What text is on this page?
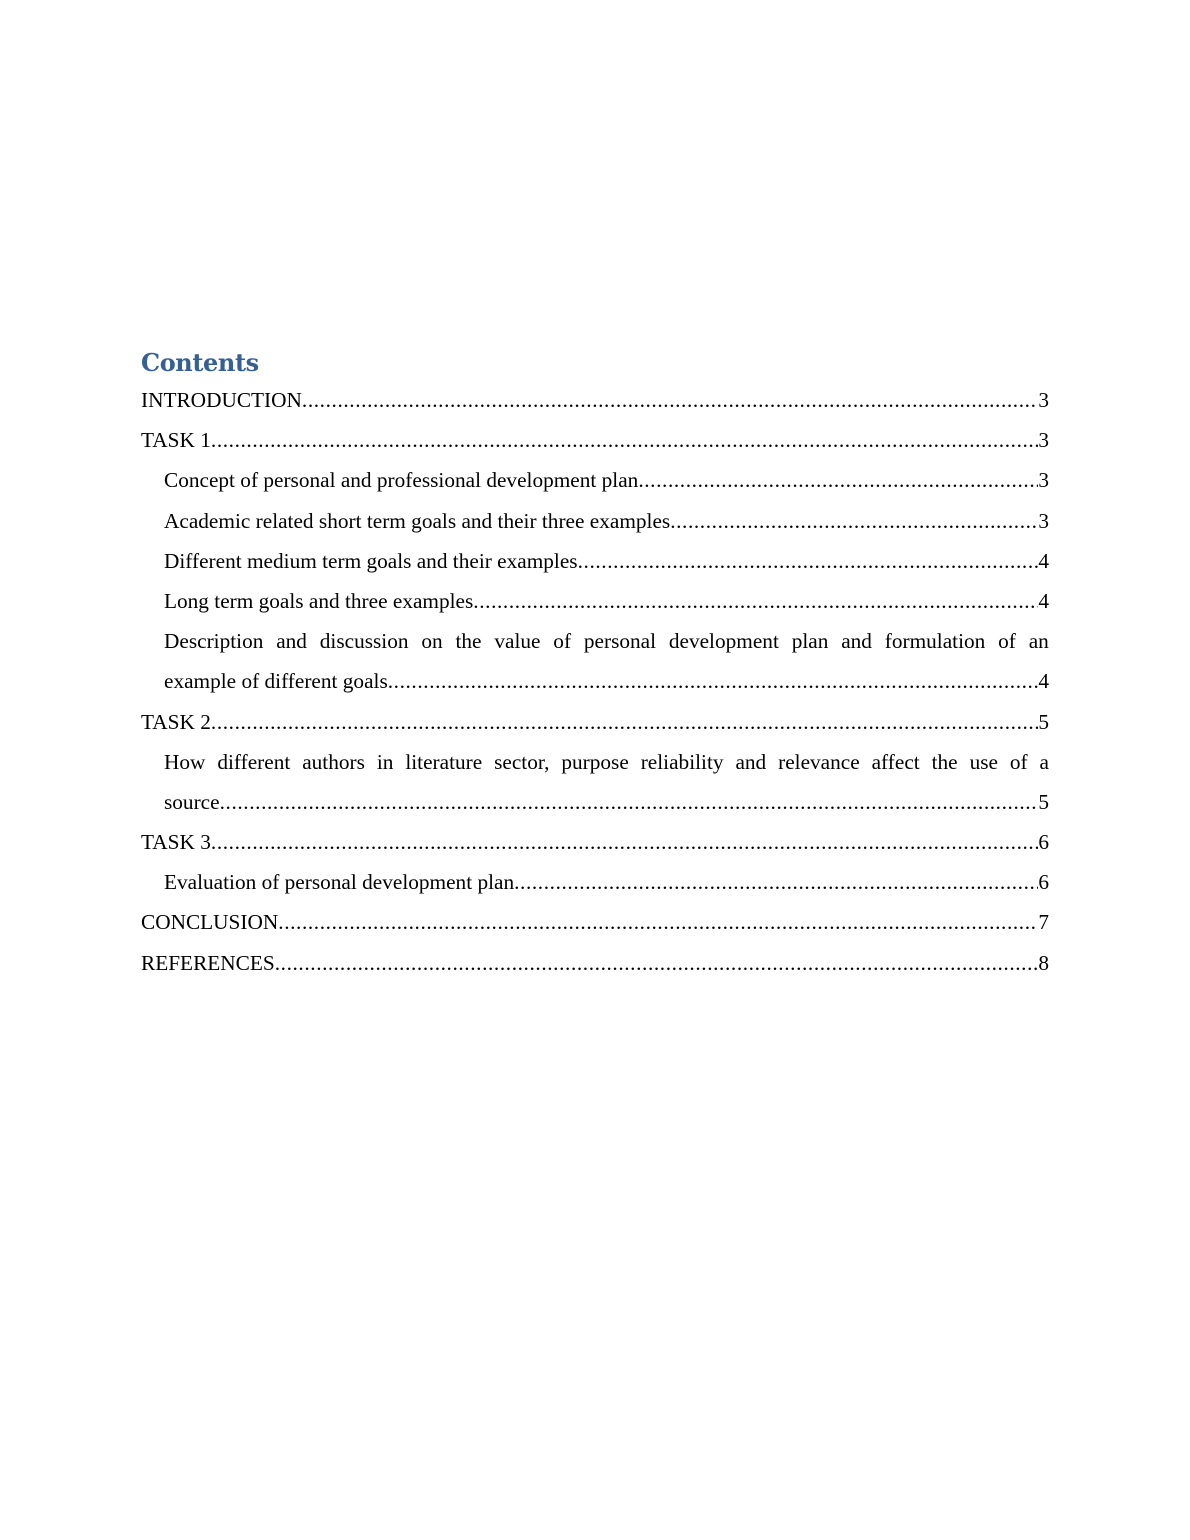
Contents
INTRODUCTION .....	3
TASK 1 .....	3
Concept of personal and professional development plan .....	3
Academic related short term goals and their three examples .....	3
Different medium term goals and their examples .....	4
Long term goals and three examples .....	4
Description and discussion on the value of personal development plan and formulation of an
example of different goals .....	4
TASK 2 .....	5
How different authors in literature sector, purpose reliability and relevance affect the use of a
source .....	5
TASK 3 .....	6
Evaluation of personal development plan .....	6
CONCLUSION .....	7
REFERENCES .....	8
